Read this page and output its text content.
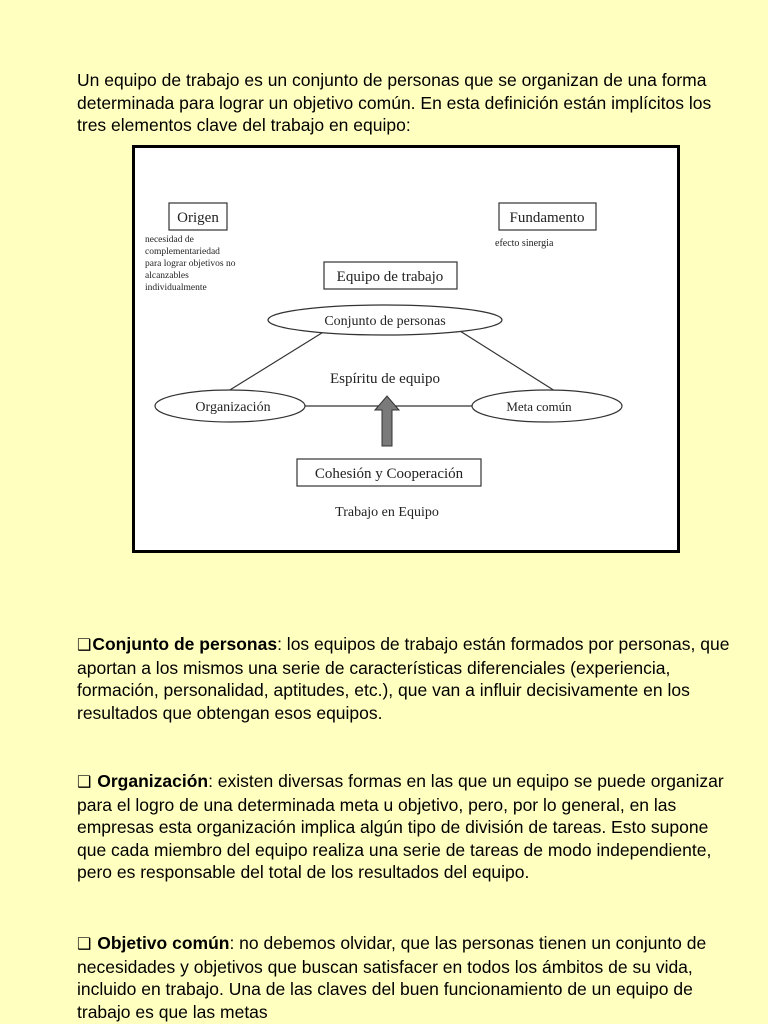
Un equipo de trabajo es un conjunto de personas que se organizan de una forma determinada para lograr un objetivo común. En esta definición están implícitos los tres elementos clave del trabajo en equipo:

Origen
necesidad de complementariedad para lograr objetivos no alcanzables individualmente
Fundamento
efecto sinergia
Equipo de trabajo
Conjunto de personas
Espíritu de equipo
Organización	Meta común
Cohesión y Cooperación
Trabajo en Equipo

❑Conjunto de personas: los equipos de trabajo están formados por personas, que aportan a los mismos una serie de características diferenciales (experiencia, formación, personalidad, aptitudes, etc.), que van a influir decisivamente en los resultados que obtengan esos equipos.

❑ Organización: existen diversas formas en las que un equipo se puede organizar para el logro de una determinada meta u objetivo, pero, por lo general, en las empresas esta organización implica algún tipo de división de tareas. Esto supone que cada miembro del equipo realiza una serie de tareas de modo independiente, pero es responsable del total de los resultados del equipo.

❑ Objetivo común: no debemos olvidar, que las personas tienen un conjunto de necesidades y objetivos que buscan satisfacer en todos los ámbitos de su vida, incluido en trabajo. Una de las claves del buen funcionamiento de un equipo de trabajo es que las metas
